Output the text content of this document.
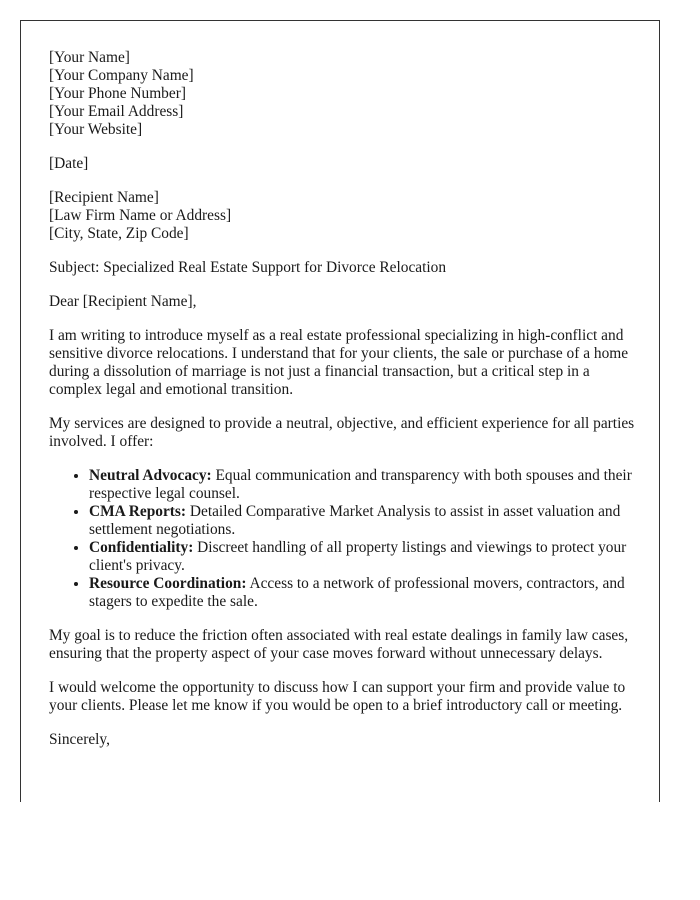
[Your Name]
[Your Company Name]
[Your Phone Number]
[Your Email Address]
[Your Website]

[Date]

[Recipient Name]
[Law Firm Name or Address]
[City, State, Zip Code]

Subject: Specialized Real Estate Support for Divorce Relocation

Dear [Recipient Name],

I am writing to introduce myself as a real estate professional specializing in high-conflict and sensitive divorce relocations. I understand that for your clients, the sale or purchase of a home during a dissolution of marriage is not just a financial transaction, but a critical step in a complex legal and emotional transition.

My services are designed to provide a neutral, objective, and efficient experience for all parties involved. I offer:

• Neutral Advocacy: Equal communication and transparency with both spouses and their respective legal counsel.
• CMA Reports: Detailed Comparative Market Analysis to assist in asset valuation and settlement negotiations.
• Confidentiality: Discreet handling of all property listings and viewings to protect your client's privacy.
• Resource Coordination: Access to a network of professional movers, contractors, and stagers to expedite the sale.

My goal is to reduce the friction often associated with real estate dealings in family law cases, ensuring that the property aspect of your case moves forward without unnecessary delays.

I would welcome the opportunity to discuss how I can support your firm and provide value to your clients. Please let me know if you would be open to a brief introductory call or meeting.

Sincerely,
